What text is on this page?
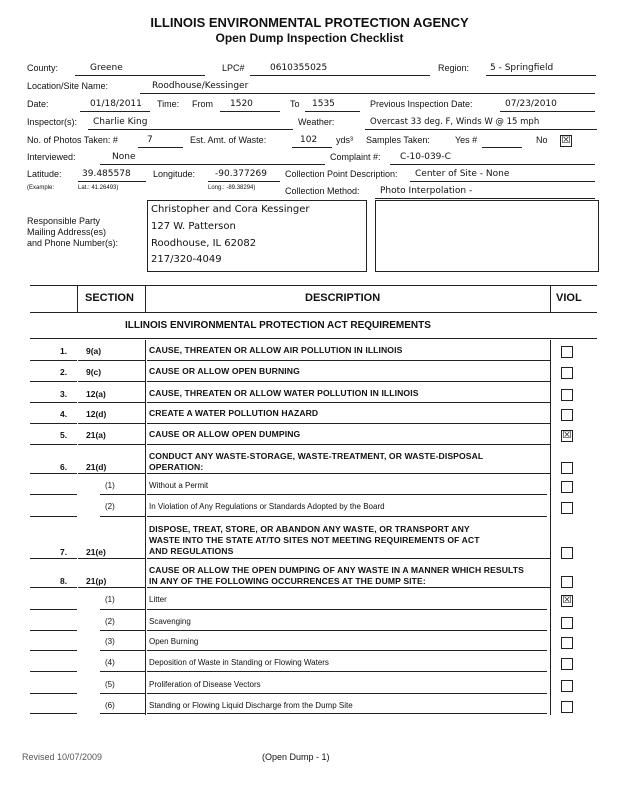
ILLINOIS ENVIRONMENTAL PROTECTION AGENCY
Open Dump Inspection Checklist
County:	Greene	LPC#	0610355025	Region: 5 - Springfield
Location/Site Name:	Roodhouse/Kessinger
Date:	01/18/2011 Time: From 1520	To 1535	Previous Inspection Date:	07/23/2010
Inspector(s): Charlie King	Weather:	Overcast 33 deg. F, Winds W @ 15 mph
No. of Photos Taken: #	7	Est. Amt. of Waste:	102 yds³ Samples Taken:	Yes #	No ☒
Interviewed:	None	Complaint #: C-10-039-C
Latitude: 39.485578 Longitude: -90.377269 Collection Point Description: Center of Site - None
(Example:	Lat.: 41.26493)	Long.: -89.38294)	Collection Method: Photo Interpolation -
Responsible Party
Mailing Address(es)
and Phone Number(s):
Christopher and Cora Kessinger
127 W. Patterson
Roodhouse, IL 62082
217/320-4049
SECTION	DESCRIPTION	VIOL
ILLINOIS ENVIRONMENTAL PROTECTION ACT REQUIREMENTS
1. 9(a)	CAUSE, THREATEN OR ALLOW AIR POLLUTION IN ILLINOIS
2. 9(c)	CAUSE OR ALLOW OPEN BURNING
3. 12(a)	CAUSE, THREATEN OR ALLOW WATER POLLUTION IN ILLINOIS
4. 12(d)	CREATE A WATER POLLUTION HAZARD
5. 21(a)	CAUSE OR ALLOW OPEN DUMPING	☒
6. 21(d)
CONDUCT ANY WASTE-STORAGE, WASTE-TREATMENT, OR WASTE-DISPOSAL
OPERATION:
(1)	Without a Permit
(2)	In Violation of Any Regulations or Standards Adopted by the Board
7. 21(e)
DISPOSE, TREAT, STORE, OR ABANDON ANY WASTE, OR TRANSPORT ANY
WASTE INTO THE STATE AT/TO SITES NOT MEETING REQUIREMENTS OF ACT
AND REGULATIONS
8. 21(p)
CAUSE OR ALLOW THE OPEN DUMPING OF ANY WASTE IN A MANNER WHICH RESULTS
IN ANY OF THE FOLLOWING OCCURRENCES AT THE DUMP SITE:
(1)	Litter	☒
(2)	Scavenging
(3)	Open Burning
(4)	Deposition of Waste in Standing or Flowing Waters
(5)	Proliferation of Disease Vectors
(6)	Standing or Flowing Liquid Discharge from the Dump Site
Revised 10/07/2009	(Open Dump - 1)
